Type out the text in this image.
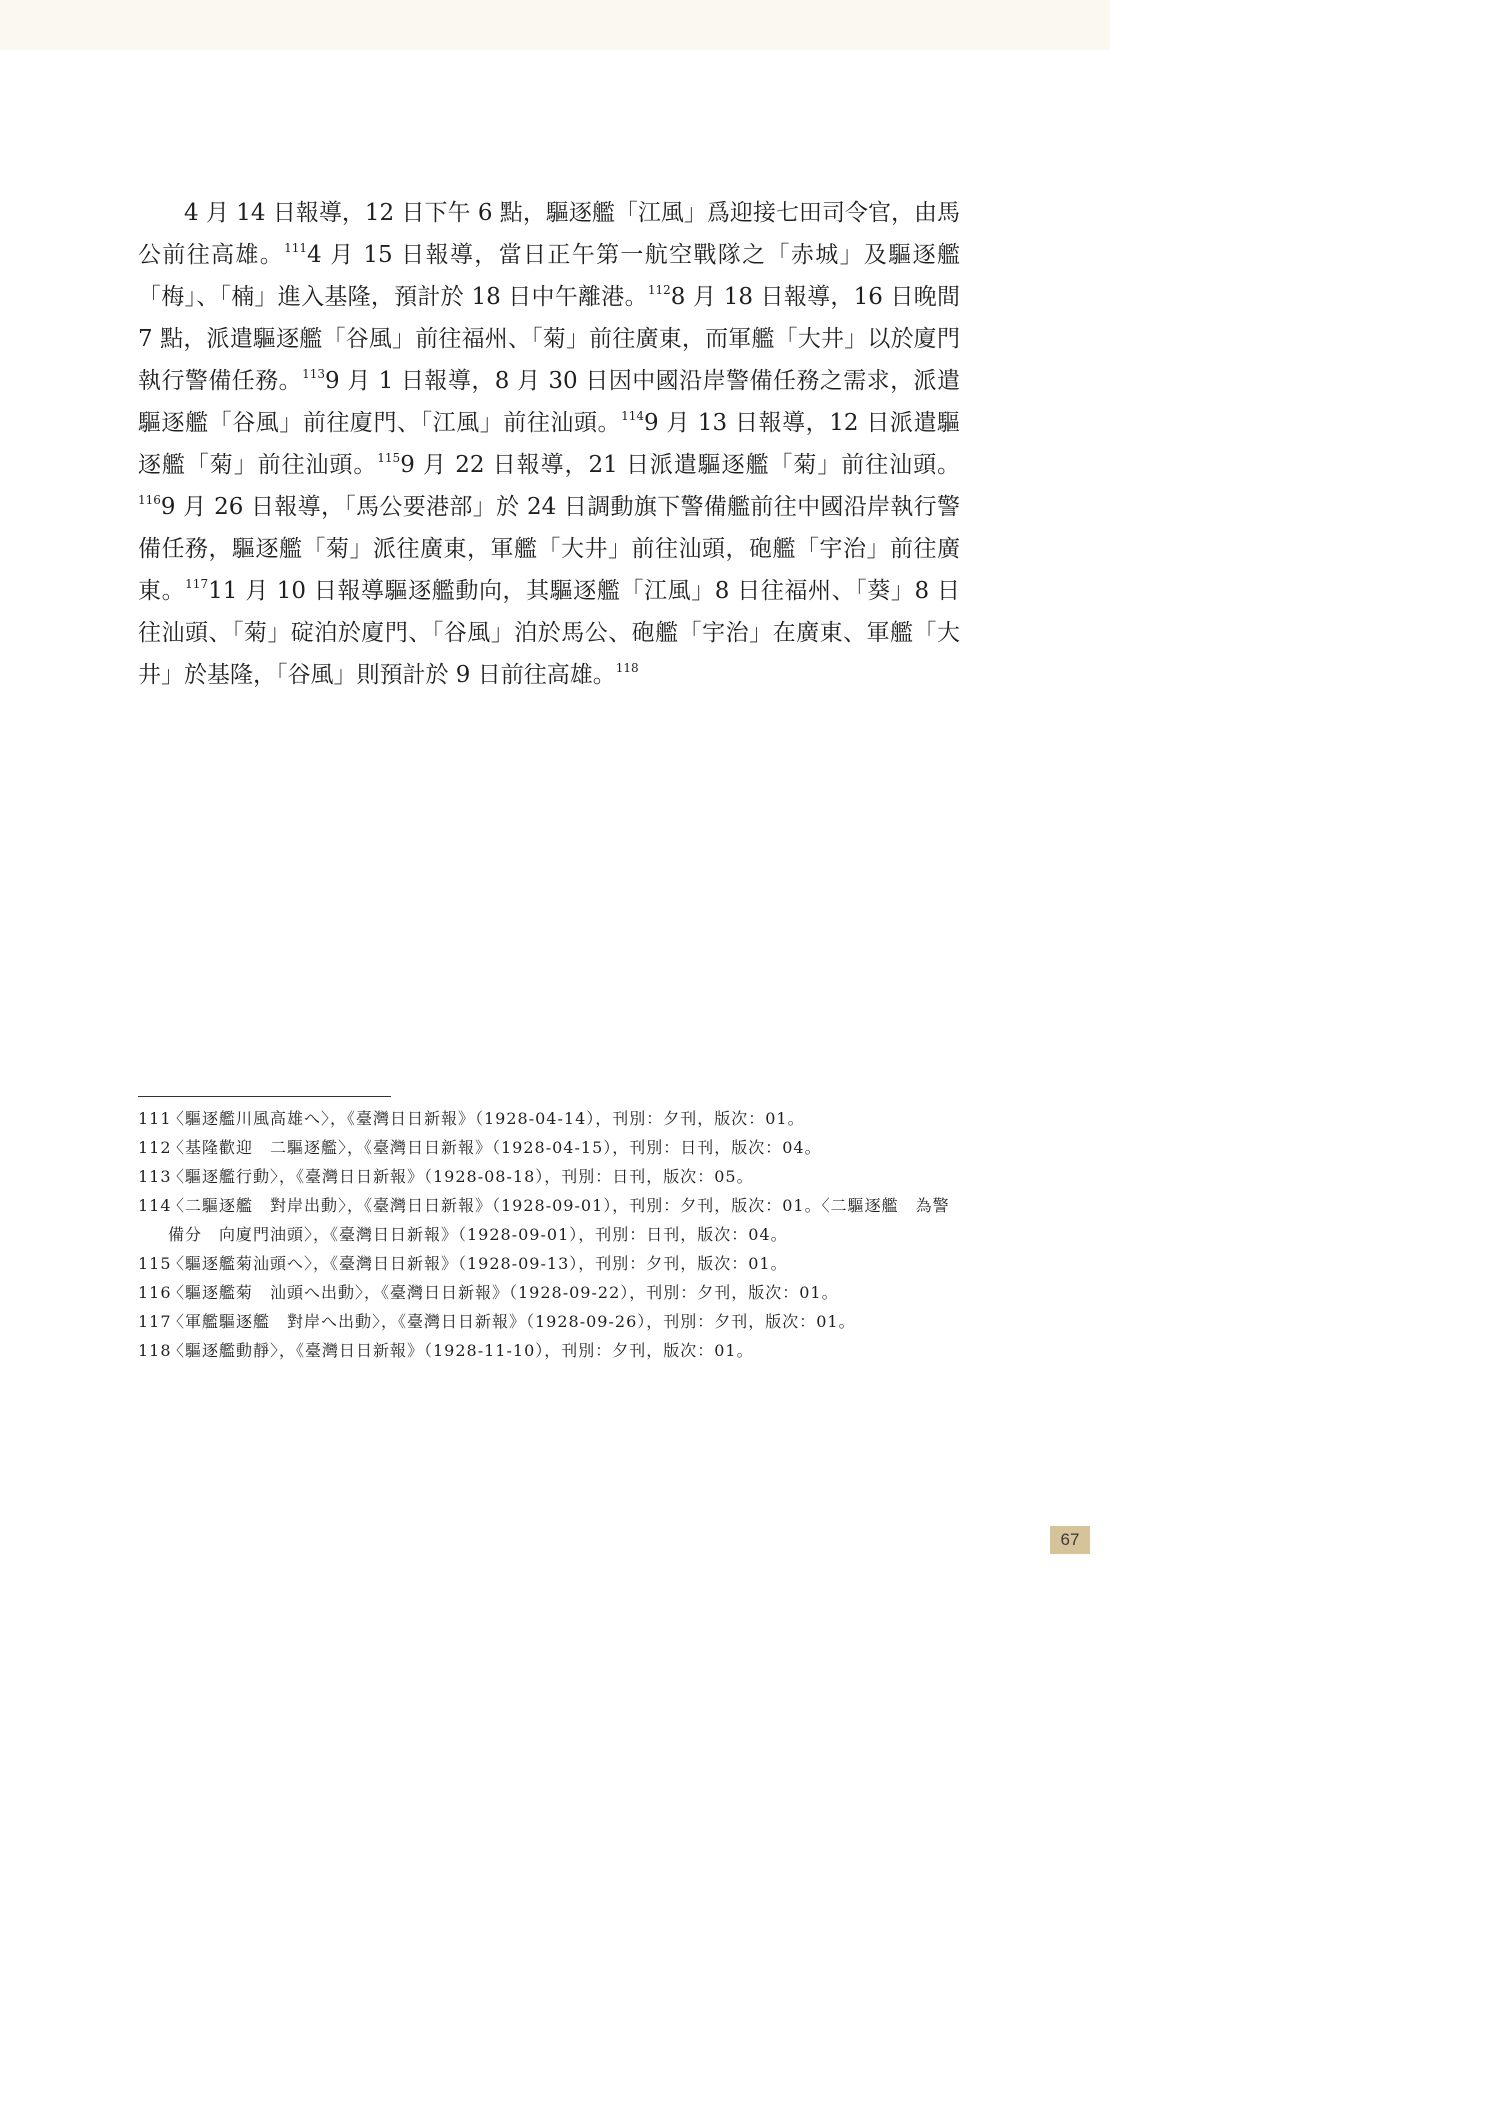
4 月 14 日報導，12 日下午 6 點，驅逐艦「江風」爲迎接七田司令官，由馬公前往高雄。$^{111}$4 月 15 日報導，當日正午第一航空戰隊之「赤城」及驅逐艦「梅」、「楠」進入基隆，預計於 18 日中午離港。$^{112}$8 月 18 日報導，16 日晚間 7 點，派遣驅逐艦「谷風」前往福州、「菊」前往廣東，而軍艦「大井」以於廈門執行警備任務。$^{113}$9 月 1 日報導，8 月 30 日因中國沿岸警備任務之需求，派遣驅逐艦「谷風」前往廈門、「江風」前往汕頭。$^{114}$9 月 13 日報導，12 日派遣驅逐艦「菊」前往汕頭。$^{115}$9 月 22 日報導，21 日派遣驅逐艦「菊」前往汕頭。$^{116}$9 月 26 日報導，「馬公要港部」於 24 日調動旗下警備艦前往中國沿岸執行警備任務，驅逐艦「菊」派往廣東，軍艦「大井」前往汕頭，砲艦「宇治」前往廣東。$^{117}$11 月 10 日報導驅逐艦動向，其驅逐艦「江風」8 日往福州、「葵」8 日往汕頭、「菊」碇泊於廈門、「谷風」泊於馬公、砲艦「宇治」在廣東、軍艦「大井」於基隆，「谷風」則預計於 9 日前往高雄。$^{118}$

111〈驅逐艦川風高雄へ〉，《臺灣日日新報》（1928-04-14），刊別：夕刊，版次：01。
112〈基隆歡迎　二驅逐艦〉，《臺灣日日新報》（1928-04-15），刊別：日刊，版次：04。
113〈驅逐艦行動〉，《臺灣日日新報》（1928-08-18），刊別：日刊，版次：05。
114〈二驅逐艦　對岸出動〉，《臺灣日日新報》（1928-09-01），刊別：夕刊，版次：01。〈二驅逐艦　為警備分　向廈門油頭〉，《臺灣日日新報》（1928-09-01），刊別：日刊，版次：04。
115〈驅逐艦菊汕頭へ〉，《臺灣日日新報》（1928-09-13），刊別：夕刊，版次：01。
116〈驅逐艦菊　汕頭へ出動〉，《臺灣日日新報》（1928-09-22），刊別：夕刊，版次：01。
117〈軍艦驅逐艦　對岸へ出動〉，《臺灣日日新報》（1928-09-26），刊別：夕刊，版次：01。
118〈驅逐艦動靜〉，《臺灣日日新報》（1928-11-10），刊別：夕刊，版次：01。
67
